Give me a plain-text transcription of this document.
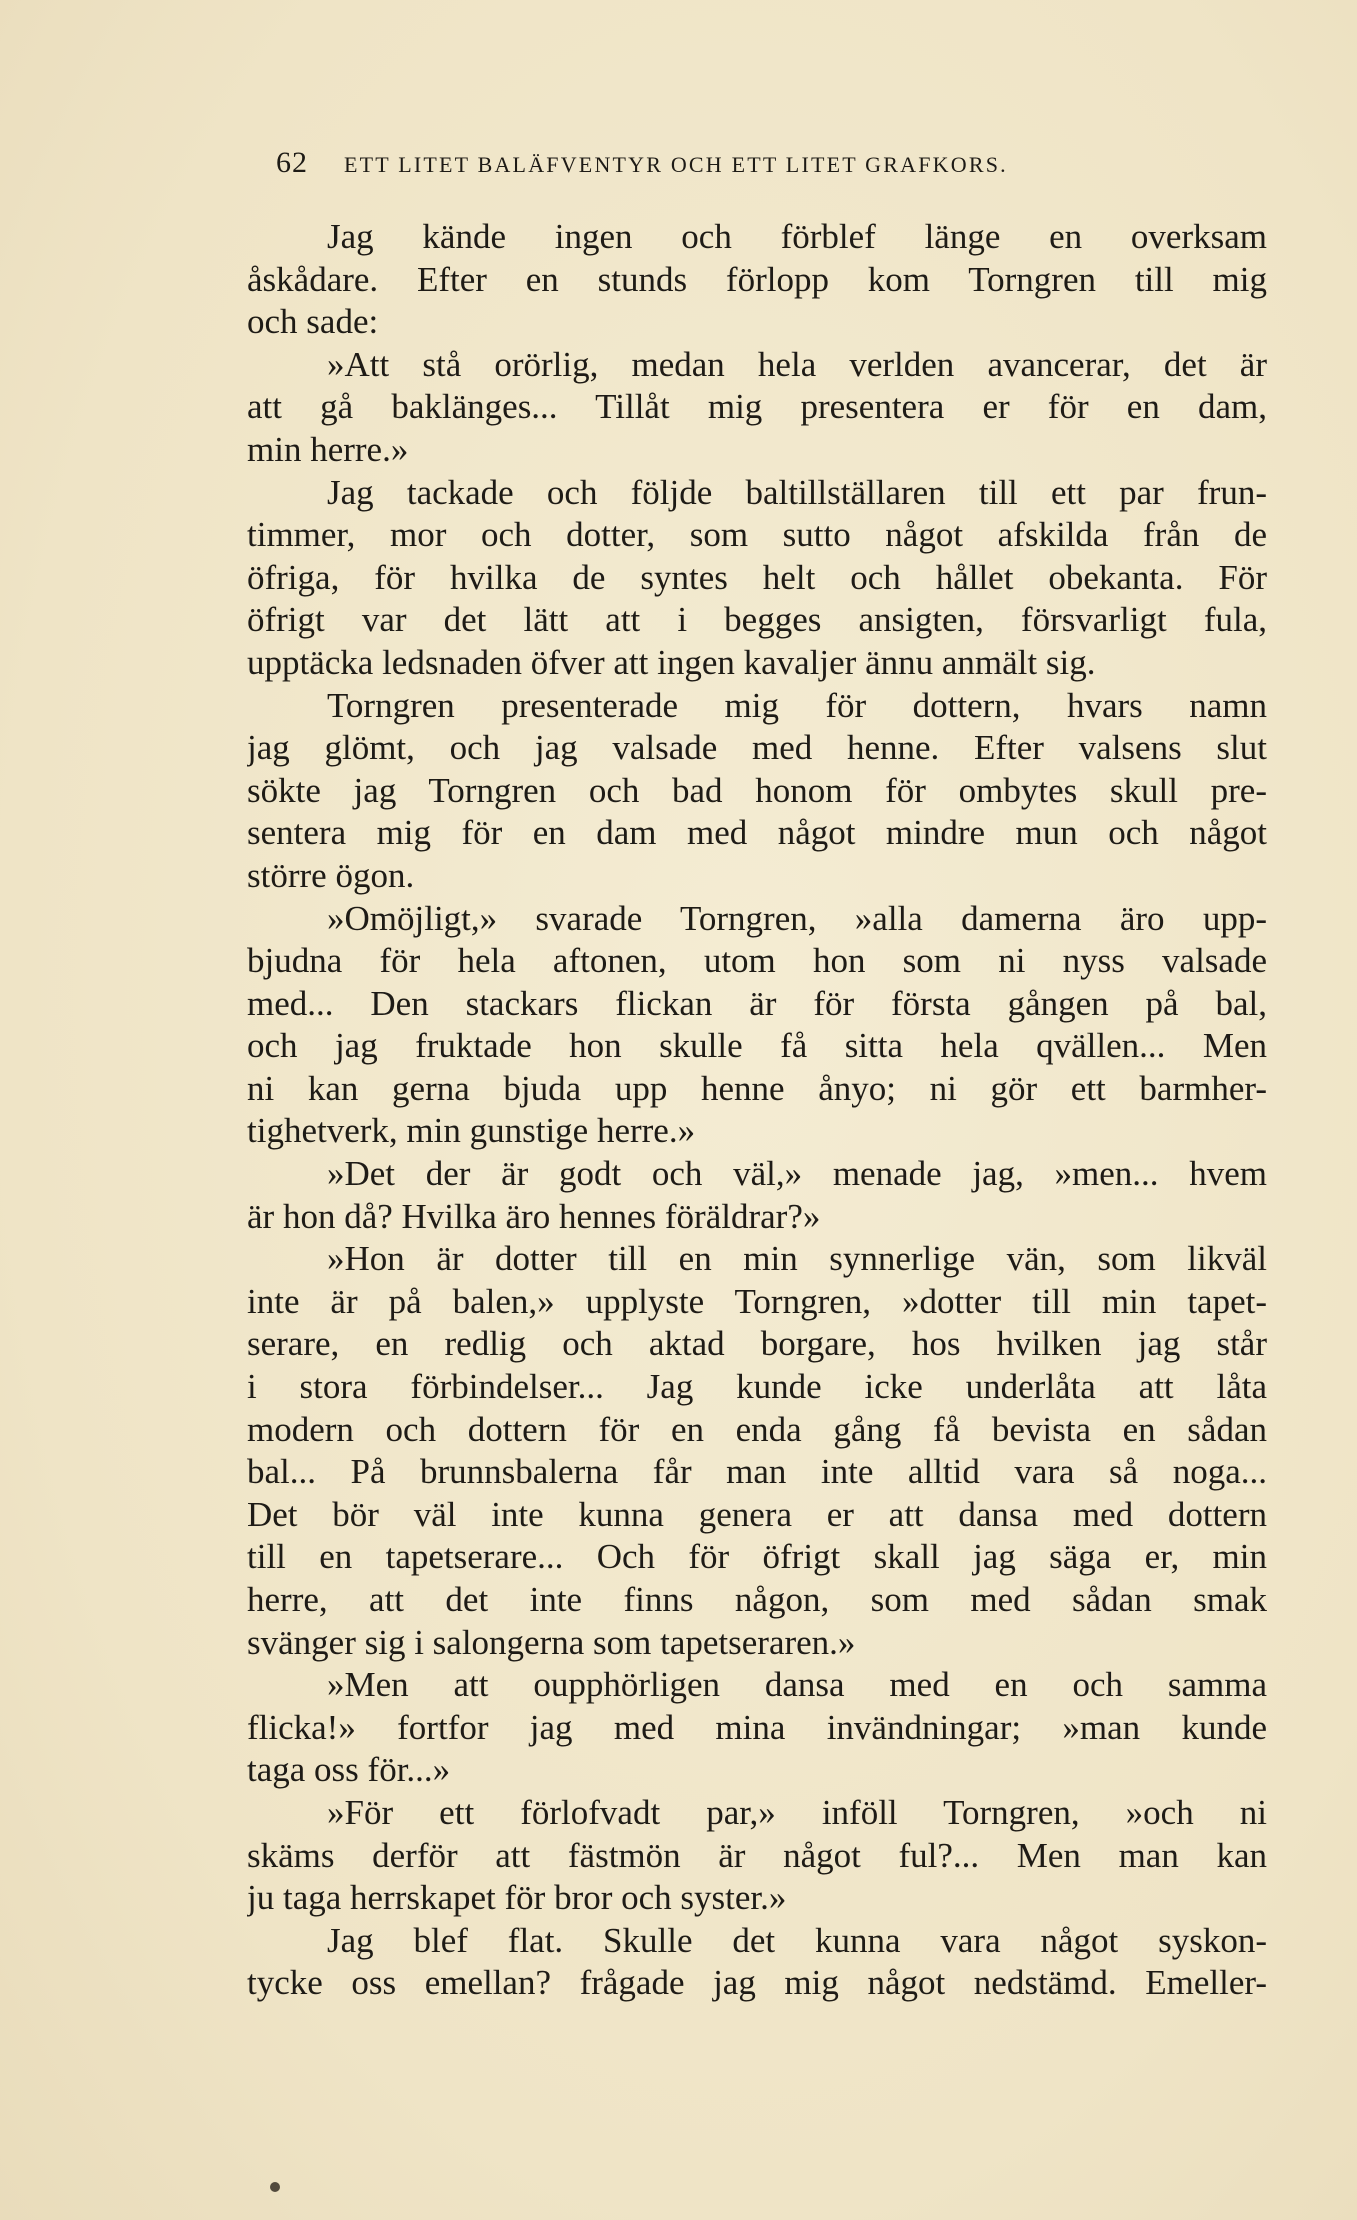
62 ETT LITET BALÄFVENTYR OCH ETT LITET GRAFKORS.
Jag kände ingen och förblef länge en overksam
åskådare. Efter en stunds förlopp kom Torngren till mig
och sade:
»Att stå orörlig, medan hela verlden avancerar, det är
att gå baklänges... Tillåt mig presentera er för en dam,
min herre.»
Jag tackade och följde baltillställaren till ett par frun-
timmer, mor och dotter, som sutto något afskilda från de
öfriga, för hvilka de syntes helt och hållet obekanta. För
öfrigt var det lätt att i begges ansigten, försvarligt fula,
upptäcka ledsnaden öfver att ingen kavaljer ännu anmält sig.
Torngren presenterade mig för dottern, hvars namn
jag glömt, och jag valsade med henne. Efter valsens slut
sökte jag Torngren och bad honom för ombytes skull pre-
sentera mig för en dam med något mindre mun och något
större ögon.
»Omöjligt,» svarade Torngren, »alla damerna äro upp-
bjudna för hela aftonen, utom hon som ni nyss valsade
med... Den stackars flickan är för första gången på bal,
och jag fruktade hon skulle få sitta hela qvällen... Men
ni kan gerna bjuda upp henne ånyo; ni gör ett barmher-
tighetverk, min gunstige herre.»
»Det der är godt och väl,» menade jag, »men... hvem
är hon då? Hvilka äro hennes föräldrar?»
»Hon är dotter till en min synnerlige vän, som likväl
inte är på balen,» upplyste Torngren, »dotter till min tapet-
serare, en redlig och aktad borgare, hos hvilken jag står
i stora förbindelser... Jag kunde icke underlåta att låta
modern och dottern för en enda gång få bevista en sådan
bal... På brunnsbalerna får man inte alltid vara så noga...
Det bör väl inte kunna genera er att dansa med dottern
till en tapetserare... Och för öfrigt skall jag säga er, min
herre, att det inte finns någon, som med sådan smak
svänger sig i salongerna som tapetseraren.»
»Men att oupphörligen dansa med en och samma
flicka!» fortfor jag med mina invändningar; »man kunde
taga oss för...»
»För ett förlofvadt par,» inföll Torngren, »och ni
skäms derför att fästmön är något ful?... Men man kan
ju taga herrskapet för bror och syster.»
Jag blef flat. Skulle det kunna vara något syskon-
tycke oss emellan? frågade jag mig något nedstämd. Emeller-
